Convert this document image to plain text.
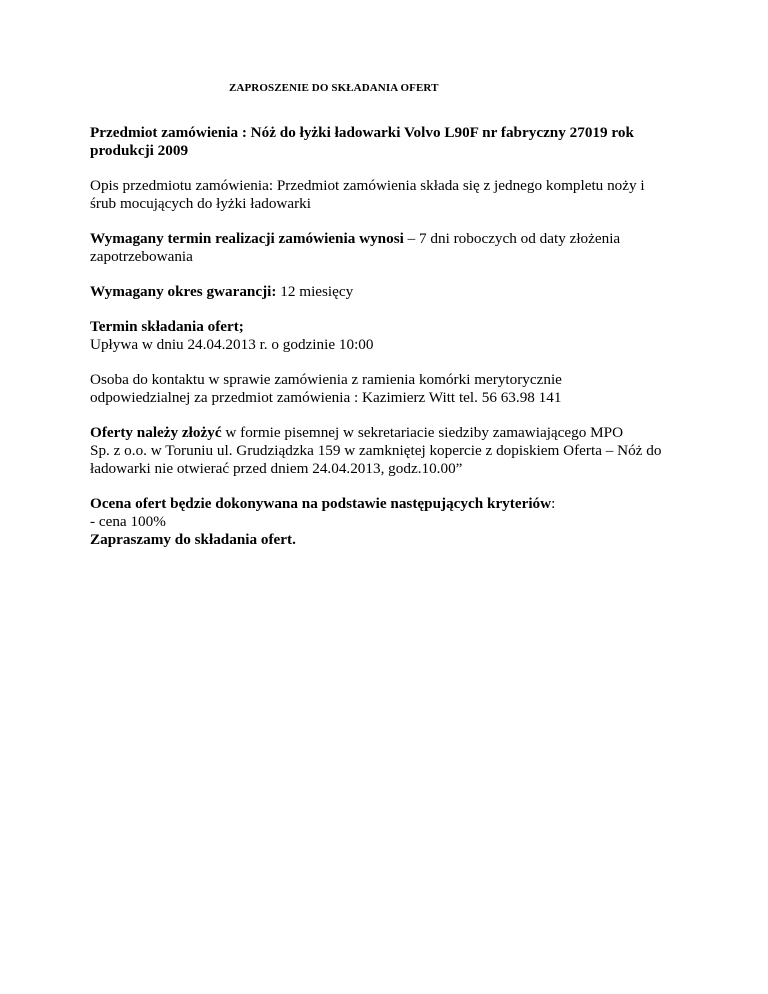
ZAPROSZENIE DO SKŁADANIA OFERT
Przedmiot zamówienia : Nóż do łyżki ładowarki Volvo L90F nr fabryczny 27019 rok
produkcji 2009
Opis przedmiotu zamówienia: Przedmiot zamówienia składa się z jednego kompletu noży i
śrub mocujących do łyżki ładowarki
Wymagany termin realizacji zamówienia wynosi – 7 dni roboczych od daty złożenia
zapotrzebowania
Wymagany okres gwarancji: 12 miesięcy
Termin składania ofert;
Upływa w dniu 24.04.2013 r. o godzinie 10:00
Osoba do kontaktu w sprawie zamówienia z ramienia komórki merytorycznie
odpowiedzialnej za przedmiot zamówienia : Kazimierz Witt tel. 56 63.98 141
Oferty należy złożyć w formie pisemnej w sekretariacie siedziby zamawiającego MPO
Sp. z o.o. w Toruniu ul. Grudziądzka 159 w zamkniętej kopercie z dopiskiem Oferta – Nóż do
ładowarki nie otwierać przed dniem 24.04.2013, godz.10.00”
Ocena ofert będzie dokonywana na podstawie następujących kryteriów:
- cena 100%
Zapraszamy do składania ofert.
